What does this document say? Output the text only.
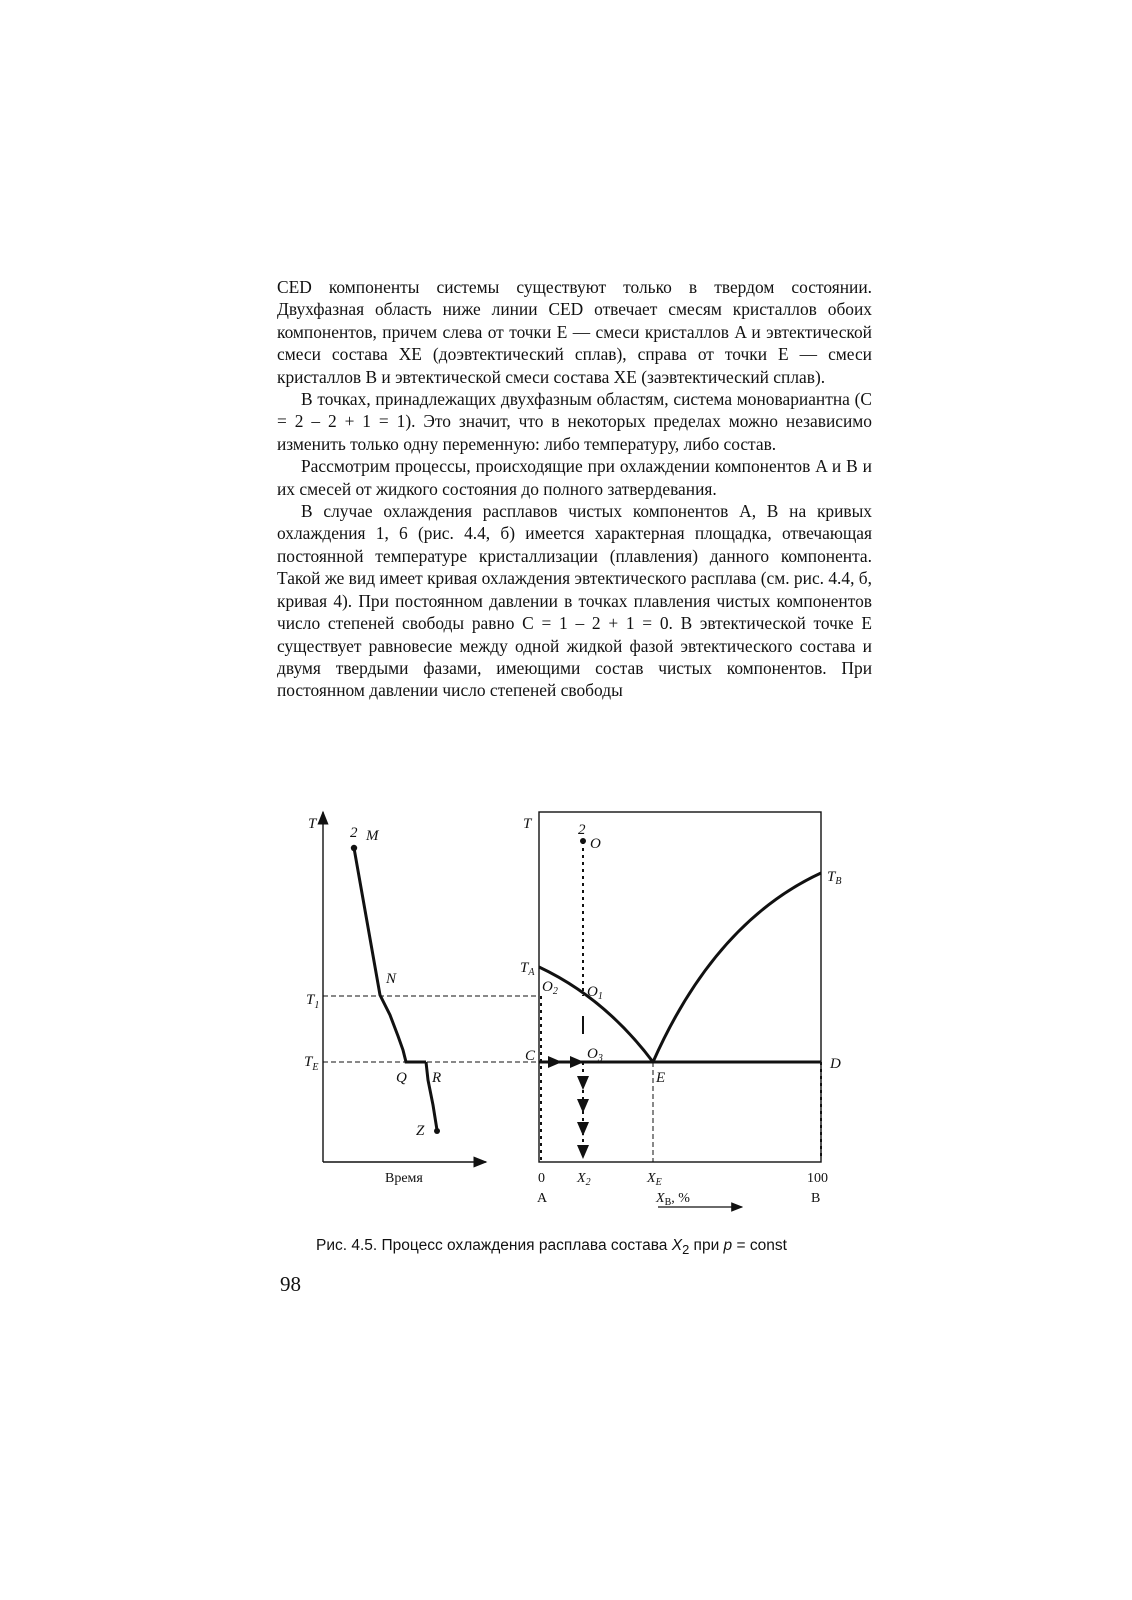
CED компоненты системы существуют только в твердом состоянии. Двухфазная область ниже линии CED отвечает смесям кристаллов обоих компонентов, причем слева от точки E — смеси кристаллов A и эвтектической смеси состава XE (доэвтектический сплав), справа от точки E — смеси кристаллов B и эвтектической смеси состава XE (заэвтектический сплав).

В точках, принадлежащих двухфазным областям, система моновариантна (С = 2 – 2 + 1 = 1). Это значит, что в некоторых пределах можно независимо изменить только одну переменную: либо температуру, либо состав.

Рассмотрим процессы, происходящие при охлаждении компонентов A и B и их смесей от жидкого состояния до полного затвердевания.

В случае охлаждения расплавов чистых компонентов A, B на кривых охлаждения 1, 6 (рис. 4.4, б) имеется характерная площадка, отвечающая постоянной температуре кристаллизации (плавления) данного компонента. Такой же вид имеет кривая охлаждения эвтектического расплава (см. рис. 4.4, б, кривая 4). При постоянном давлении в точках плавления чистых компонентов число степеней свободы равно С = 1 – 2 + 1 = 0. В эвтектической точке E существует равновесие между одной жидкой фазой эвтектического состава и двумя твердыми фазами, имеющими состав чистых компонентов. При постоянном давлении число степеней свободы

T
Время
$T_1$
$T_E$
2 M
N
Q R
Z
T	2
O
$T_A$
$T_B$
$O_2$ $O_1$
$O_3$
C
E
D
0 $X_2$	$X_E$	100
A	B
$X_B$, %
Рис. 4.5. Процесс охлаждения расплава состава $X_2$ при p = const
98
